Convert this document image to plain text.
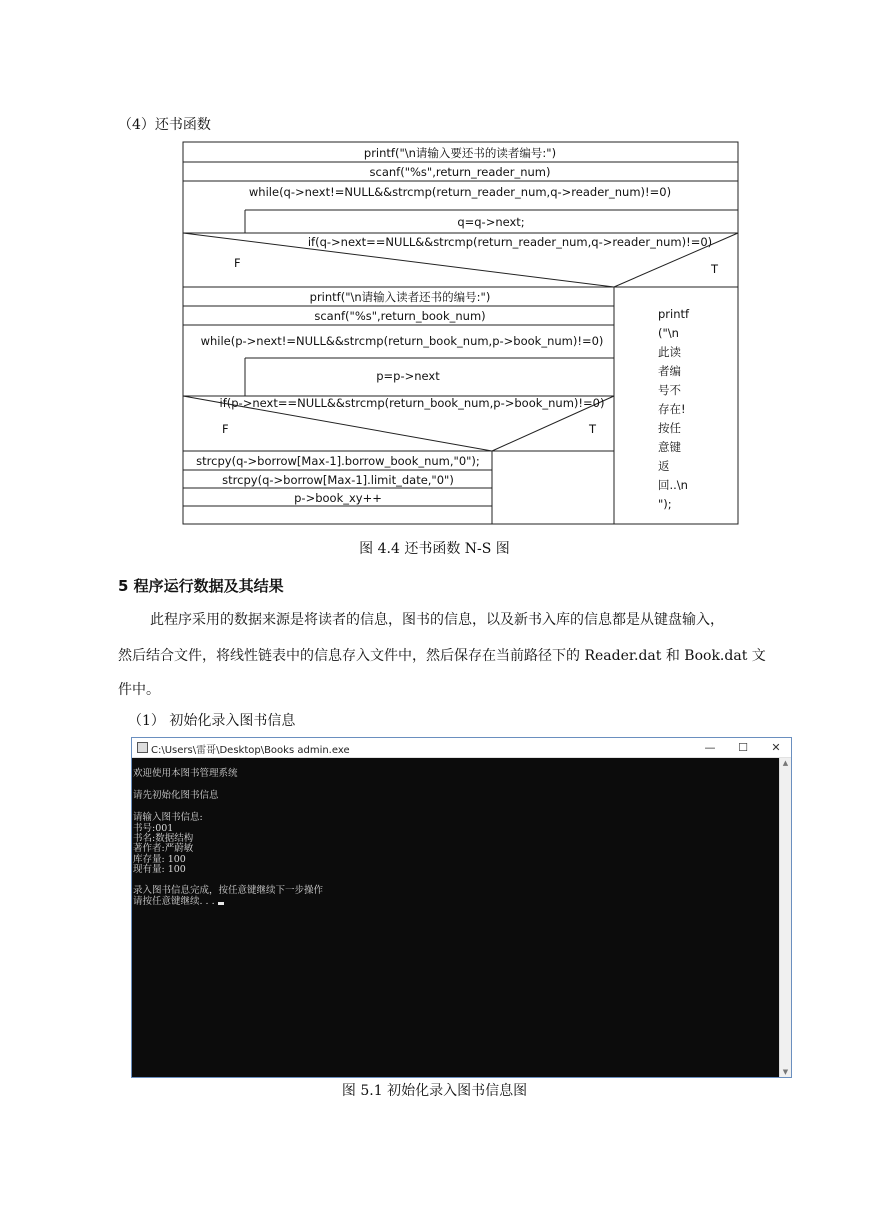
（4）还书函数
printf("\n请输入要还书的读者编号:")
scanf("%s",return_reader_num)
while(q->next!=NULL&&strcmp(return_reader_num,q->reader_num)!=0)
q=q->next;
if(q->next==NULL&&strcmp(return_reader_num,q->reader_num)!=0)
F	T
printf("\n请输入读者还书的编号:")
scanf("%s",return_book_num)
while(p->next!=NULL&&strcmp(return_book_num,p->book_num)!=0)
p=p->next
if(p->next==NULL&&strcmp(return_book_num,p->book_num)!=0)
F	T
strcpy(q->borrow[Max-1].borrow_book_num,"0");
strcpy(q->borrow[Max-1].limit_date,"0")
p->book_xy++
printf
("\n
此读
者编
号不
存在!
按任
意键
返
回..\n
");
图 4.4 还书函数 N-S 图
5 程序运行数据及其结果
此程序采用的数据来源是将读者的信息，图书的信息，以及新书入库的信息都是从键盘输入，
然后结合文件，将线性链表中的信息存入文件中，然后保存在当前路径下的 Reader.dat 和 Book.dat 文
件中。
（1） 初始化录入图书信息
C:\Users\雷哥\Desktop\Books admin.exe	—	☐	✕
欢迎使用本图书管理系统
请先初始化图书信息
请输入图书信息:
书号:001
书名:数据结构
著作者:严蔚敏
库存量: 100
现有量: 100
录入图书信息完成，按任意键继续下一步操作
请按任意键继续. . .
▲
▼
图 5.1 初始化录入图书信息图
